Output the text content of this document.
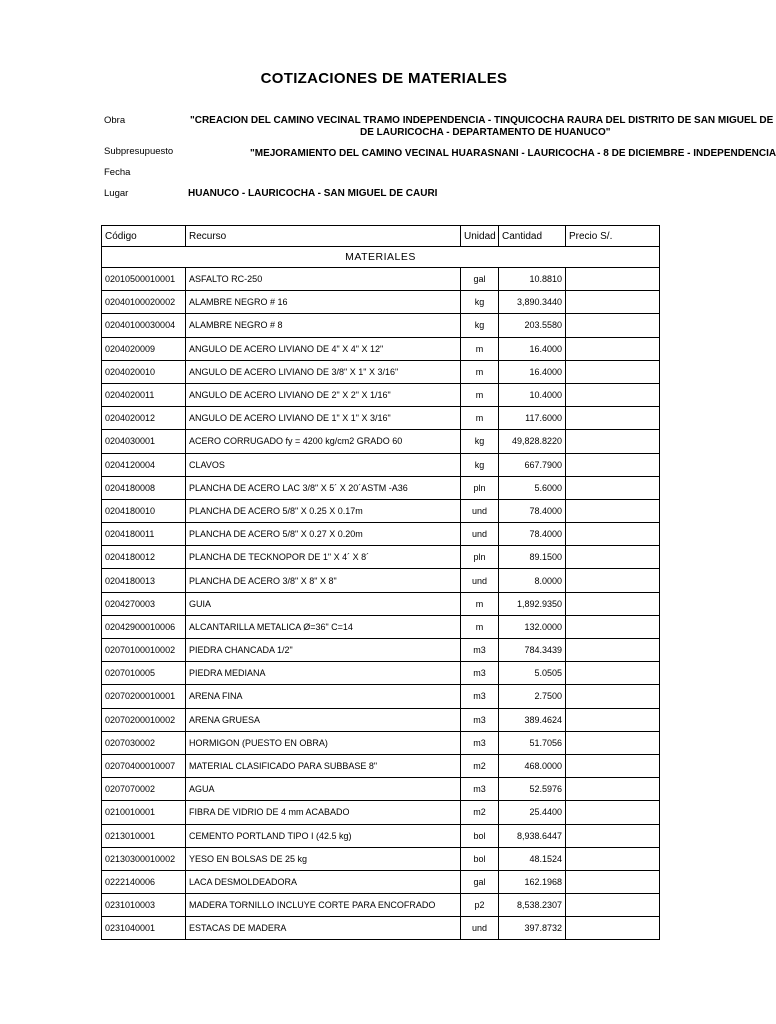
COTIZACIONES DE MATERIALES
Obra	"CREACION DEL CAMINO VECINAL TRAMO INDEPENDENCIA - TINQUICOCHA RAURA DEL DISTRITO DE SAN MIGUEL DE
DE LAURICOCHA - DEPARTAMENTO DE HUANUCO"
Subpresupuesto	"MEJORAMIENTO DEL CAMINO VECINAL HUARASNANI - LAURICOCHA - 8 DE DICIEMBRE - INDEPENDENCIA
Fecha
Lugar	HUANUCO - LAURICOCHA - SAN MIGUEL DE CAURI
Código	Recurso	Unidad	Cantidad	Precio S/.
MATERIALES				
02010500010001	ASFALTO RC-250	gal	10.8810	
02040100020002	ALAMBRE NEGRO # 16	kg	3,890.3440	
02040100030004	ALAMBRE NEGRO # 8	kg	203.5580	
0204020009	ANGULO DE ACERO LIVIANO DE 4" X 4" X 12"	m	16.4000	
0204020010	ANGULO DE ACERO LIVIANO DE 3/8" X 1" X 3/16"	m	16.4000	
0204020011	ANGULO DE ACERO LIVIANO DE 2" X 2" X 1/16"	m	10.4000	
0204020012	ANGULO DE ACERO LIVIANO DE 1" X 1" X 3/16"	m	117.6000	
0204030001	ACERO CORRUGADO fy = 4200 kg/cm2 GRADO 60	kg	49,828.8220	
0204120004	CLAVOS	kg	667.7900	
0204180008	PLANCHA DE ACERO LAC 3/8" X 5´ X 20´ASTM -A36	pln	5.6000	
0204180010	PLANCHA DE ACERO 5/8" X 0.25 X 0.17m	und	78.4000	
0204180011	PLANCHA DE ACERO 5/8" X 0.27 X 0.20m	und	78.4000	
0204180012	PLANCHA DE TECKNOPOR DE 1" X 4´ X 8´	pln	89.1500	
0204180013	PLANCHA DE ACERO 3/8" X 8" X 8"	und	8.0000	
0204270003	GUIA	m	1,892.9350	
02042900010006	ALCANTARILLA METALICA Ø=36" C=14	m	132.0000	
02070100010002	PIEDRA CHANCADA 1/2"	m3	784.3439	
0207010005	PIEDRA MEDIANA	m3	5.0505	
02070200010001	ARENA FINA	m3	2.7500	
02070200010002	ARENA GRUESA	m3	389.4624	
0207030002	HORMIGON (PUESTO EN OBRA)	m3	51.7056	
02070400010007	MATERIAL CLASIFICADO PARA SUBBASE 8"	m2	468.0000	
0207070002	AGUA	m3	52.5976	
0210010001	FIBRA DE VIDRIO DE 4 mm ACABADO	m2	25.4400	
0213010001	CEMENTO PORTLAND TIPO I (42.5 kg)	bol	8,938.6447	
02130300010002	YESO EN BOLSAS DE 25 kg	bol	48.1524	
0222140006	LACA DESMOLDEADORA	gal	162.1968	
0231010003	MADERA TORNILLO INCLUYE CORTE PARA ENCOFRADO	p2	8,538.2307	
0231040001	ESTACAS DE MADERA	und	397.8732	
